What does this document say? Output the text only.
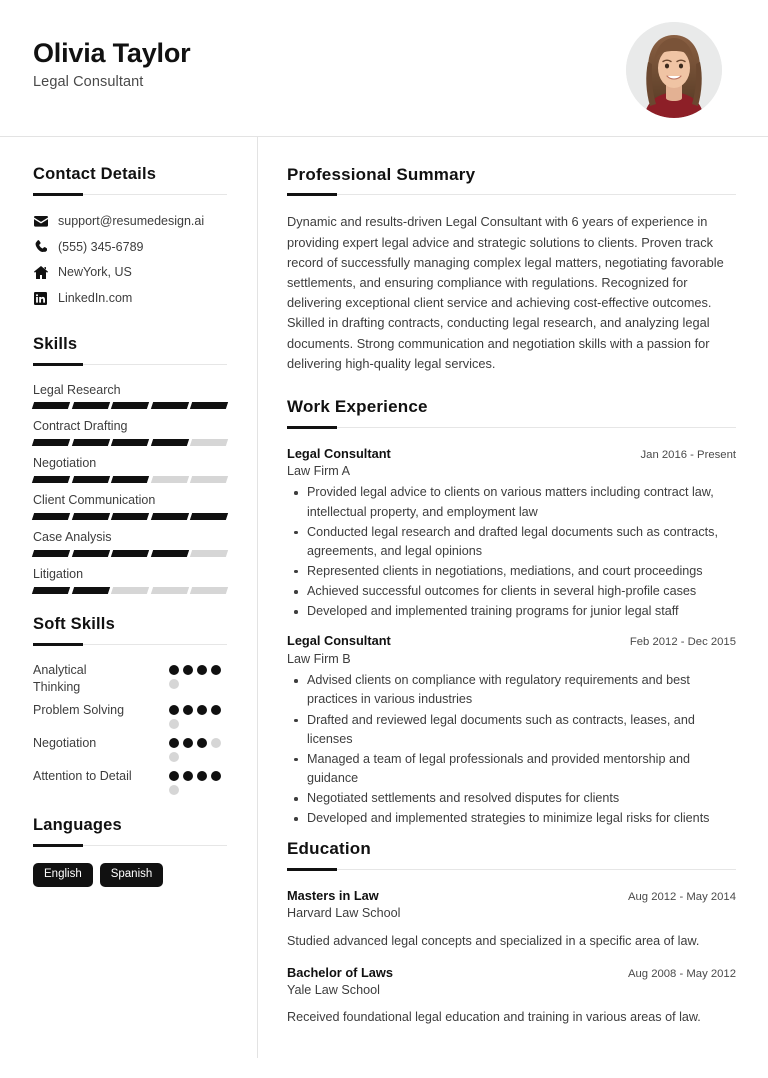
Olivia Taylor
Legal Consultant
Contact Details
support@resumedesign.ai
(555) 345-6789
NewYork, US
LinkedIn.com
Skills
Legal Research
Contract Drafting
Negotiation
Client Communication
Case Analysis
Litigation
Soft Skills
Analytical Thinking
Problem Solving
Negotiation
Attention to Detail
Languages
English	Spanish
Professional Summary
Dynamic and results-driven Legal Consultant with 6 years of experience in providing expert legal advice and strategic solutions to clients. Proven track record of successfully managing complex legal matters, negotiating favorable settlements, and ensuring compliance with regulations. Recognized for delivering exceptional client service and achieving cost-effective outcomes. Skilled in drafting contracts, conducting legal research, and analyzing legal documents. Strong communication and negotiation skills with a passion for delivering high-quality legal services.
Work Experience
Legal Consultant	Jan 2016 - Present
Law Firm A
Provided legal advice to clients on various matters including contract law, intellectual property, and employment law
Conducted legal research and drafted legal documents such as contracts, agreements, and legal opinions
Represented clients in negotiations, mediations, and court proceedings
Achieved successful outcomes for clients in several high-profile cases
Developed and implemented training programs for junior legal staff
Legal Consultant	Feb 2012 - Dec 2015
Law Firm B
Advised clients on compliance with regulatory requirements and best practices in various industries
Drafted and reviewed legal documents such as contracts, leases, and licenses
Managed a team of legal professionals and provided mentorship and guidance
Negotiated settlements and resolved disputes for clients
Developed and implemented strategies to minimize legal risks for clients
Education
Masters in Law	Aug 2012 - May 2014
Harvard Law School
Studied advanced legal concepts and specialized in a specific area of law.
Bachelor of Laws	Aug 2008 - May 2012
Yale Law School
Received foundational legal education and training in various areas of law.
